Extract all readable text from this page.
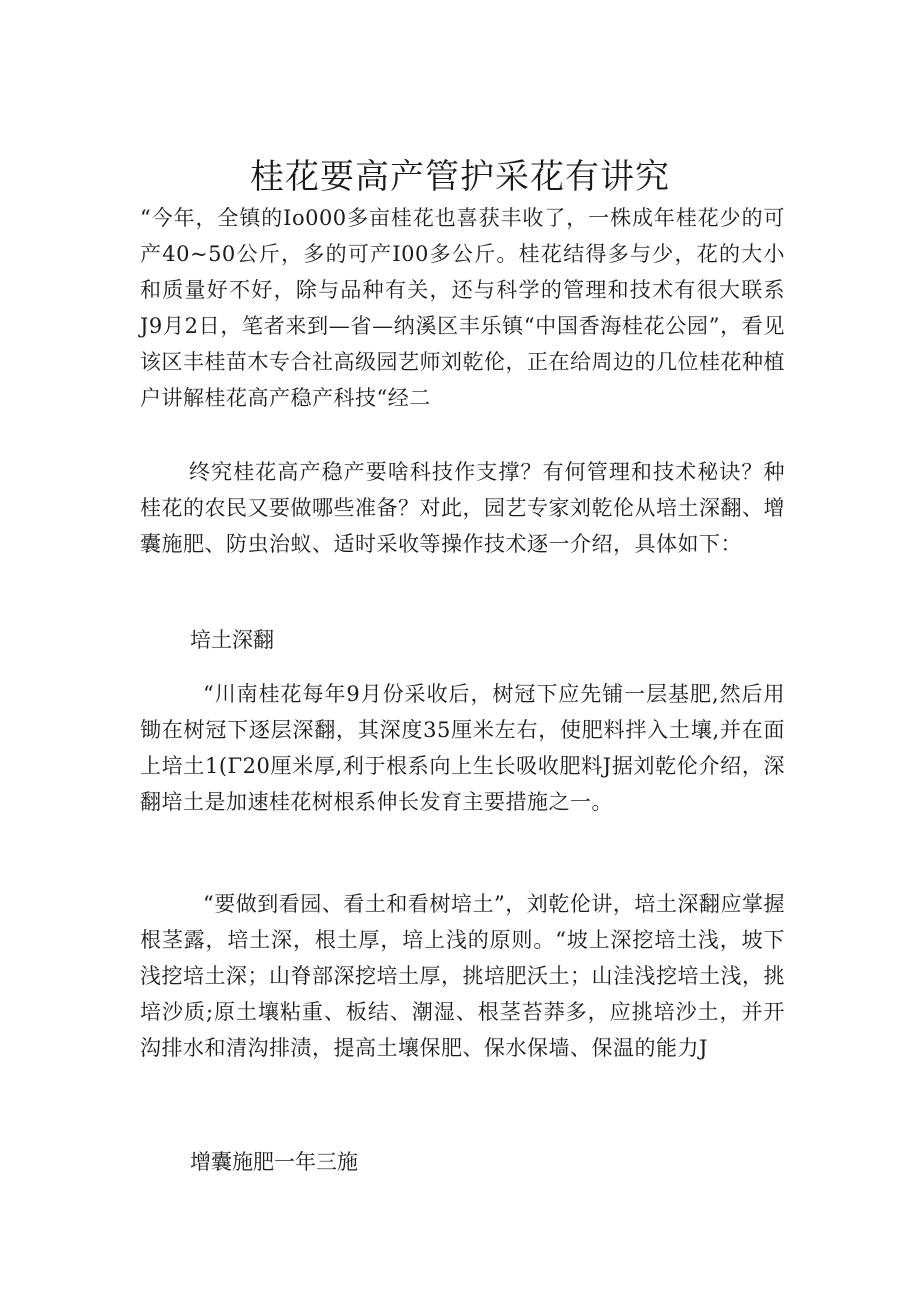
桂花要高产管护采花有讲究

“今年，全镇的Io000多亩桂花也喜获丰收了，一株成年桂花少的可产40~50公斤，多的可产I00多公斤。桂花结得多与少，花的大小和质量好不好，除与品种有关，还与科学的管理和技术有很大联系J9月2日，笔者来到—省—纳溪区丰乐镇“中国香海桂花公园”，看见该区丰桂苗木专合社高级园艺师刘乾伦，正在给周边的几位桂花种植户讲解桂花高产稳产科技“经二

终究桂花高产稳产要啥科技作支撑？有何管理和技术秘诀？种桂花的农民又要做哪些准备？对此，园艺专家刘乾伦从培土深翻、增囊施肥、防虫治蚁、适时采收等操作技术逐一介绍，具体如下：

培土深翻

“川南桂花每年9月份采收后，树冠下应先铺一层基肥,然后用锄在树冠下逐层深翻，其深度35厘米左右，使肥料拌入土壤,并在面上培土1(Γ20厘米厚,利于根系向上生长吸收肥料J据刘乾伦介绍，深翻培土是加速桂花树根系伸长发育主要措施之一。

“要做到看园、看土和看树培土”，刘乾伦讲，培土深翻应掌握根茎露，培土深，根土厚，培上浅的原则。“坡上深挖培土浅，坡下浅挖培土深；山脊部深挖培土厚，挑培肥沃土；山洼浅挖培土浅，挑培沙质;原土壤粘重、板结、潮湿、根茎苔莽多，应挑培沙土，并开沟排水和清沟排渍，提高土壤保肥、保水保墙、保温的能力J

增囊施肥一年三施
